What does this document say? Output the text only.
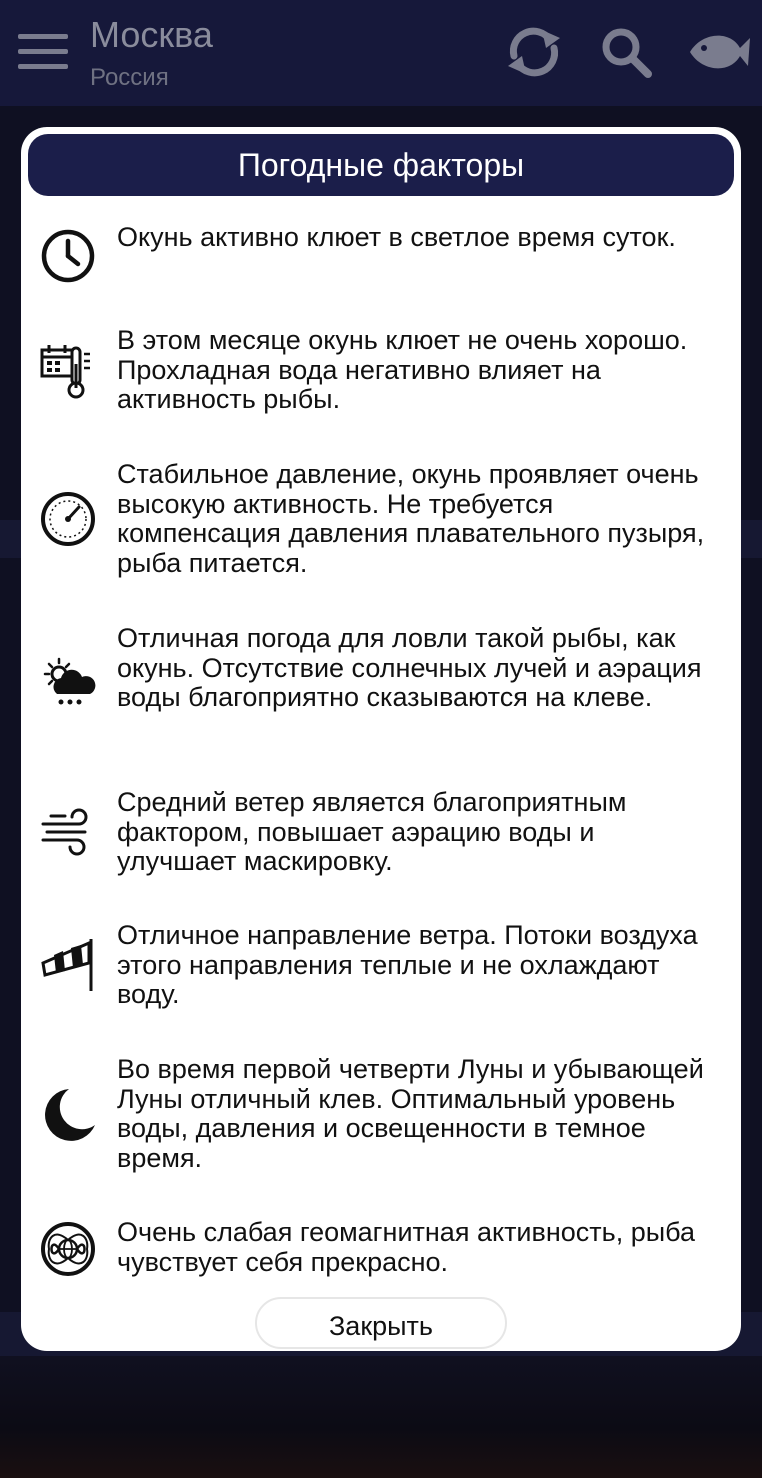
Москва
Россия
Погодные факторы
Окунь активно клюет в светлое время суток.
В этом месяце окунь клюет не очень хорошо. Прохладная вода негативно влияет на активность рыбы.
Стабильное давление, окунь проявляет очень высокую активность. Не требуется компенсация давления плавательного пузыря, рыба питается.
Отличная погода для ловли такой рыбы, как окунь. Отсутствие солнечных лучей и аэрация воды благоприятно сказываются на клеве.
Средний ветер является благоприятным фактором, повышает аэрацию воды и улучшает маскировку.
Отличное направление ветра. Потоки воздуха этого направления теплые и не охлаждают воду.
Во время первой четверти Луны и убывающей Луны отличный клев. Оптимальный уровень воды, давления и освещенности в темное время.
Очень слабая геомагнитная активность, рыба чувствует себя прекрасно.
Закрыть
